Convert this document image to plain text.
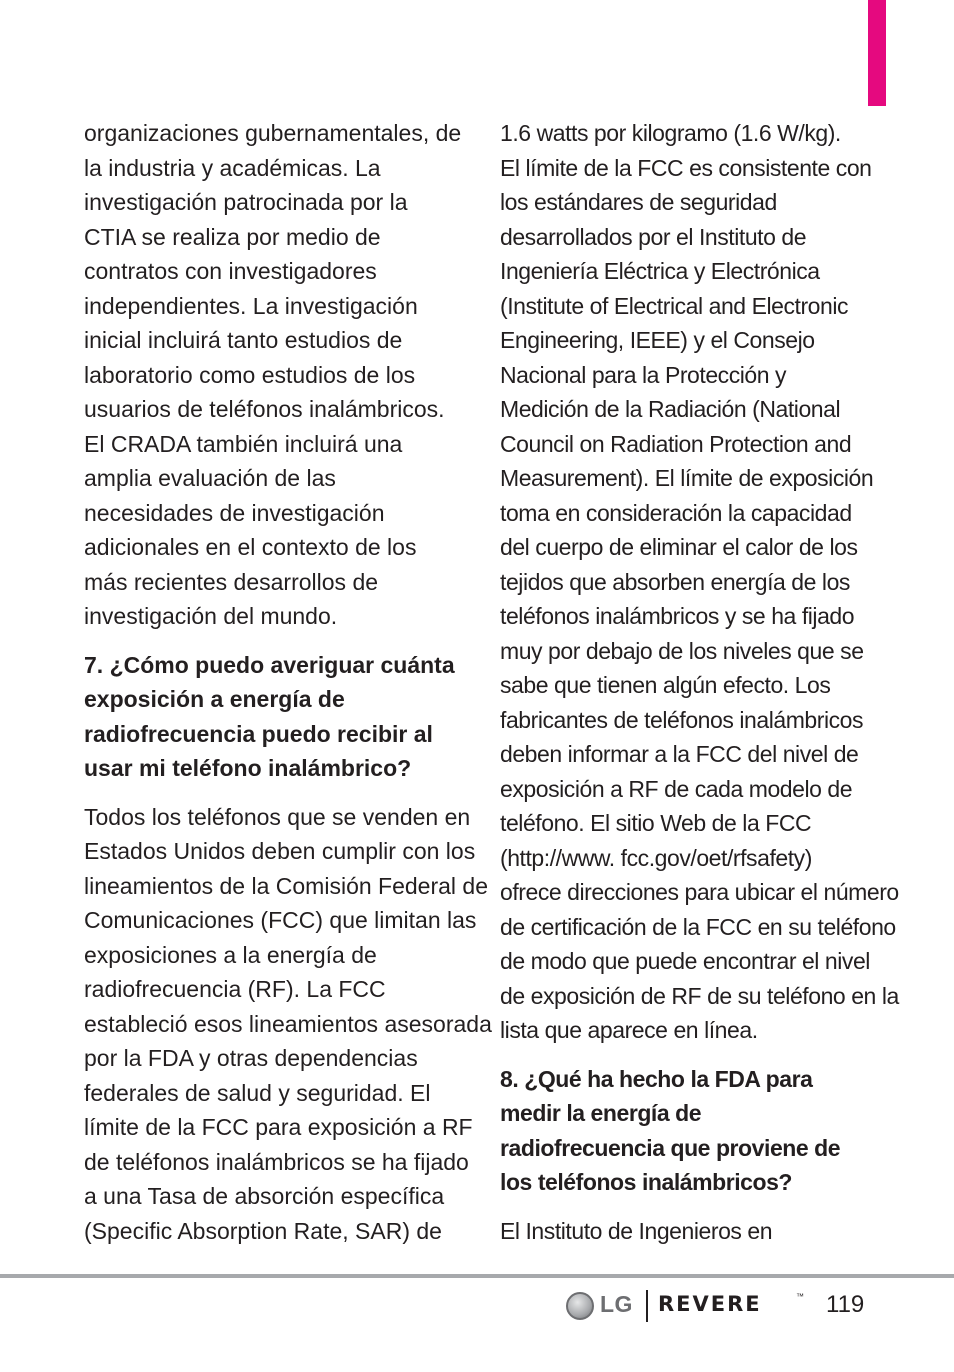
organizaciones gubernamentales, de
la industria y académicas. La
investigación patrocinada por la
CTIA se realiza por medio de
contratos con investigadores
independientes. La investigación
inicial incluirá tanto estudios de
laboratorio como estudios de los
usuarios de teléfonos inalámbricos.
El CRADA también incluirá una
amplia evaluación de las
necesidades de investigación
adicionales en el contexto de los
más recientes desarrollos de
investigación del mundo.
7. ¿Cómo puedo averiguar cuánta
exposición a energía de
radiofrecuencia puedo recibir al
usar mi teléfono inalámbrico?
Todos los teléfonos que se venden en
Estados Unidos deben cumplir con los
lineamientos de la Comisión Federal de
Comunicaciones (FCC) que limitan las
exposiciones a la energía de
radiofrecuencia (RF). La FCC
estableció esos lineamientos asesorada
por la FDA y otras dependencias
federales de salud y seguridad. El
límite de la FCC para exposición a RF
de teléfonos inalámbricos se ha fijado
a una Tasa de absorción específica
(Specific Absorption Rate, SAR) de
1.6 watts por kilogramo (1.6 W/kg).
El límite de la FCC es consistente con
los estándares de seguridad
desarrollados por el Instituto de
Ingeniería Eléctrica y Electrónica
(Institute of Electrical and Electronic
Engineering, IEEE) y el Consejo
Nacional para la Protección y
Medición de la Radiación (National
Council on Radiation Protection and
Measurement). El límite de exposición
toma en consideración la capacidad
del cuerpo de eliminar el calor de los
tejidos que absorben energía de los
teléfonos inalámbricos y se ha fijado
muy por debajo de los niveles que se
sabe que tienen algún efecto. Los
fabricantes de teléfonos inalámbricos
deben informar a la FCC del nivel de
exposición a RF de cada modelo de
teléfono. El sitio Web de la FCC
(http://www. fcc.gov/oet/rfsafety)
ofrece direcciones para ubicar el número
de certificación de la FCC en su teléfono
de modo que puede encontrar el nivel
de exposición de RF de su teléfono en la
lista que aparece en línea.
8. ¿Qué ha hecho la FDA para
medir la energía de
radiofrecuencia que proviene de
los teléfonos inalámbricos?
El Instituto de Ingenieros en
LG REVERE	™ 119
